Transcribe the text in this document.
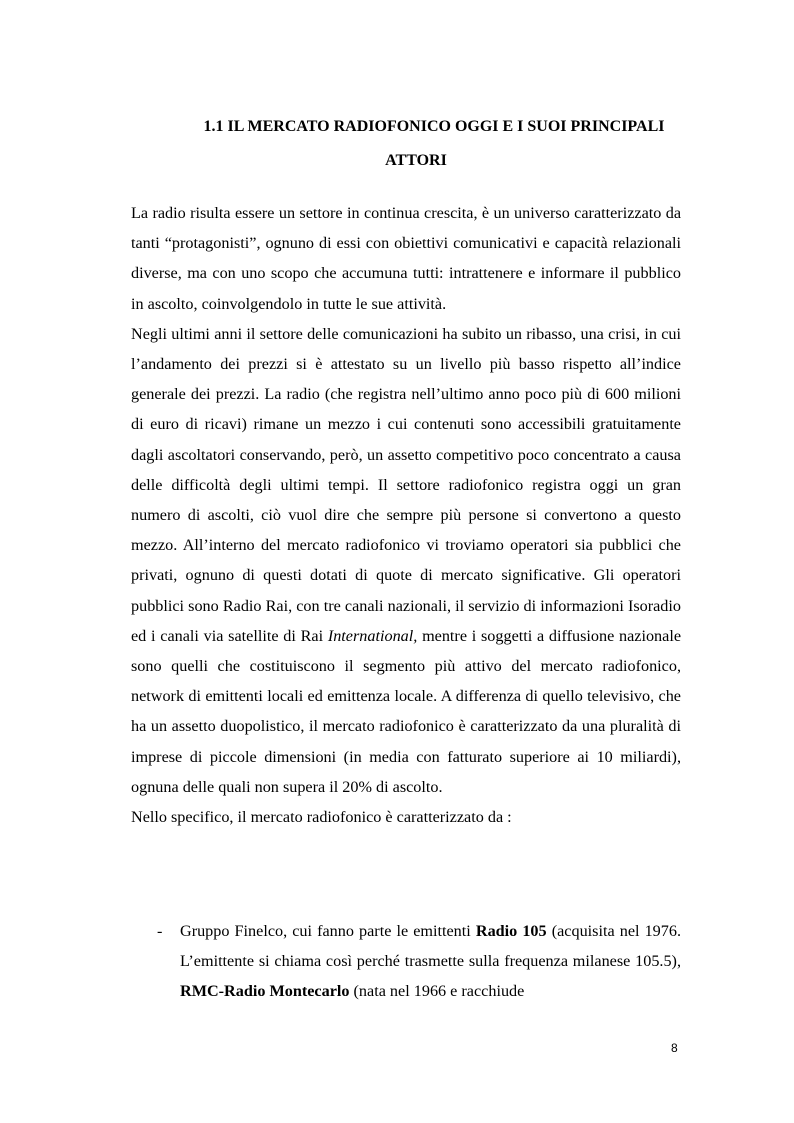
1.1 IL MERCATO RADIOFONICO OGGI E I SUOI PRINCIPALI
ATTORI

La radio risulta essere un settore in continua crescita, è un universo caratterizzato da tanti “protagonisti”, ognuno di essi con obiettivi comunicativi e capacità relazionali diverse, ma con uno scopo che accumuna tutti: intrattenere e informare il pubblico in ascolto, coinvolgendolo in tutte le sue attività.

Negli ultimi anni il settore delle comunicazioni ha subito un ribasso, una crisi, in cui l’andamento dei prezzi si è attestato su un livello più basso rispetto all’indice generale dei prezzi. La radio (che registra nell’ultimo anno poco più di 600 milioni di euro di ricavi) rimane un mezzo i cui contenuti sono accessibili gratuitamente dagli ascoltatori conservando, però, un assetto competitivo poco concentrato a causa delle difficoltà degli ultimi tempi. Il settore radiofonico registra oggi un gran numero di ascolti, ciò vuol dire che sempre più persone si convertono a questo mezzo. All’interno del mercato radiofonico vi troviamo operatori sia pubblici che privati, ognuno di questi dotati di quote di mercato significative. Gli operatori pubblici sono Radio Rai, con tre canali nazionali, il servizio di informazioni Isoradio ed i canali via satellite di Rai International, mentre i soggetti a diffusione nazionale sono quelli che costituiscono il segmento più attivo del mercato radiofonico, network di emittenti locali ed emittenza locale. A differenza di quello televisivo, che ha un assetto duopolistico, il mercato radiofonico è caratterizzato da una pluralità di imprese di piccole dimensioni (in media con fatturato superiore ai 10 miliardi), ognuna delle quali non supera il 20% di ascolto.

Nello specifico, il mercato radiofonico è caratterizzato da :

- Gruppo Finelco, cui fanno parte le emittenti Radio 105 (acquisita nel 1976. L’emittente si chiama così perché trasmette sulla frequenza milanese 105.5), RMC-Radio Montecarlo (nata nel 1966 e racchiude
8
